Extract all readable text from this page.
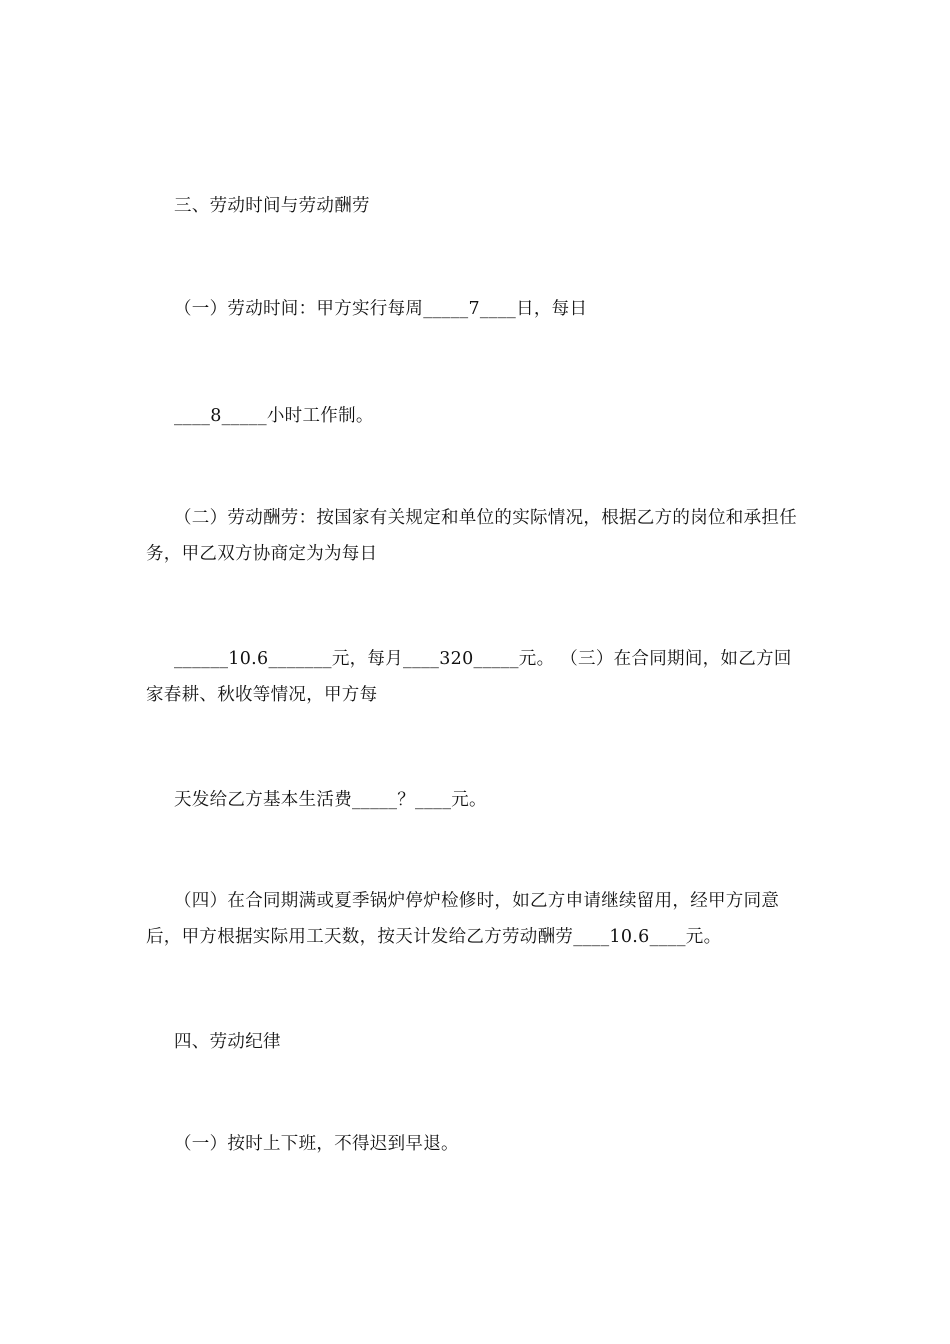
三、劳动时间与劳动酬劳
（一）劳动时间：甲方实行每周_____7____日，每日
____8_____小时工作制。
（二）劳动酬劳：按国家有关规定和单位的实际情况，根据乙方的岗位和承担任务，甲乙双方协商定为为每日
______10.6_______元，每月____320_____元。 （三）在合同期间，如乙方回家春耕、秋收等情况，甲方每
天发给乙方基本生活费_____？____元。
（四）在合同期满或夏季锅炉停炉检修时，如乙方申请继续留用，经甲方同意后，甲方根据实际用工天数，按天计发给乙方劳动酬劳____10.6____元。
四、劳动纪律
（一）按时上下班，不得迟到早退。
